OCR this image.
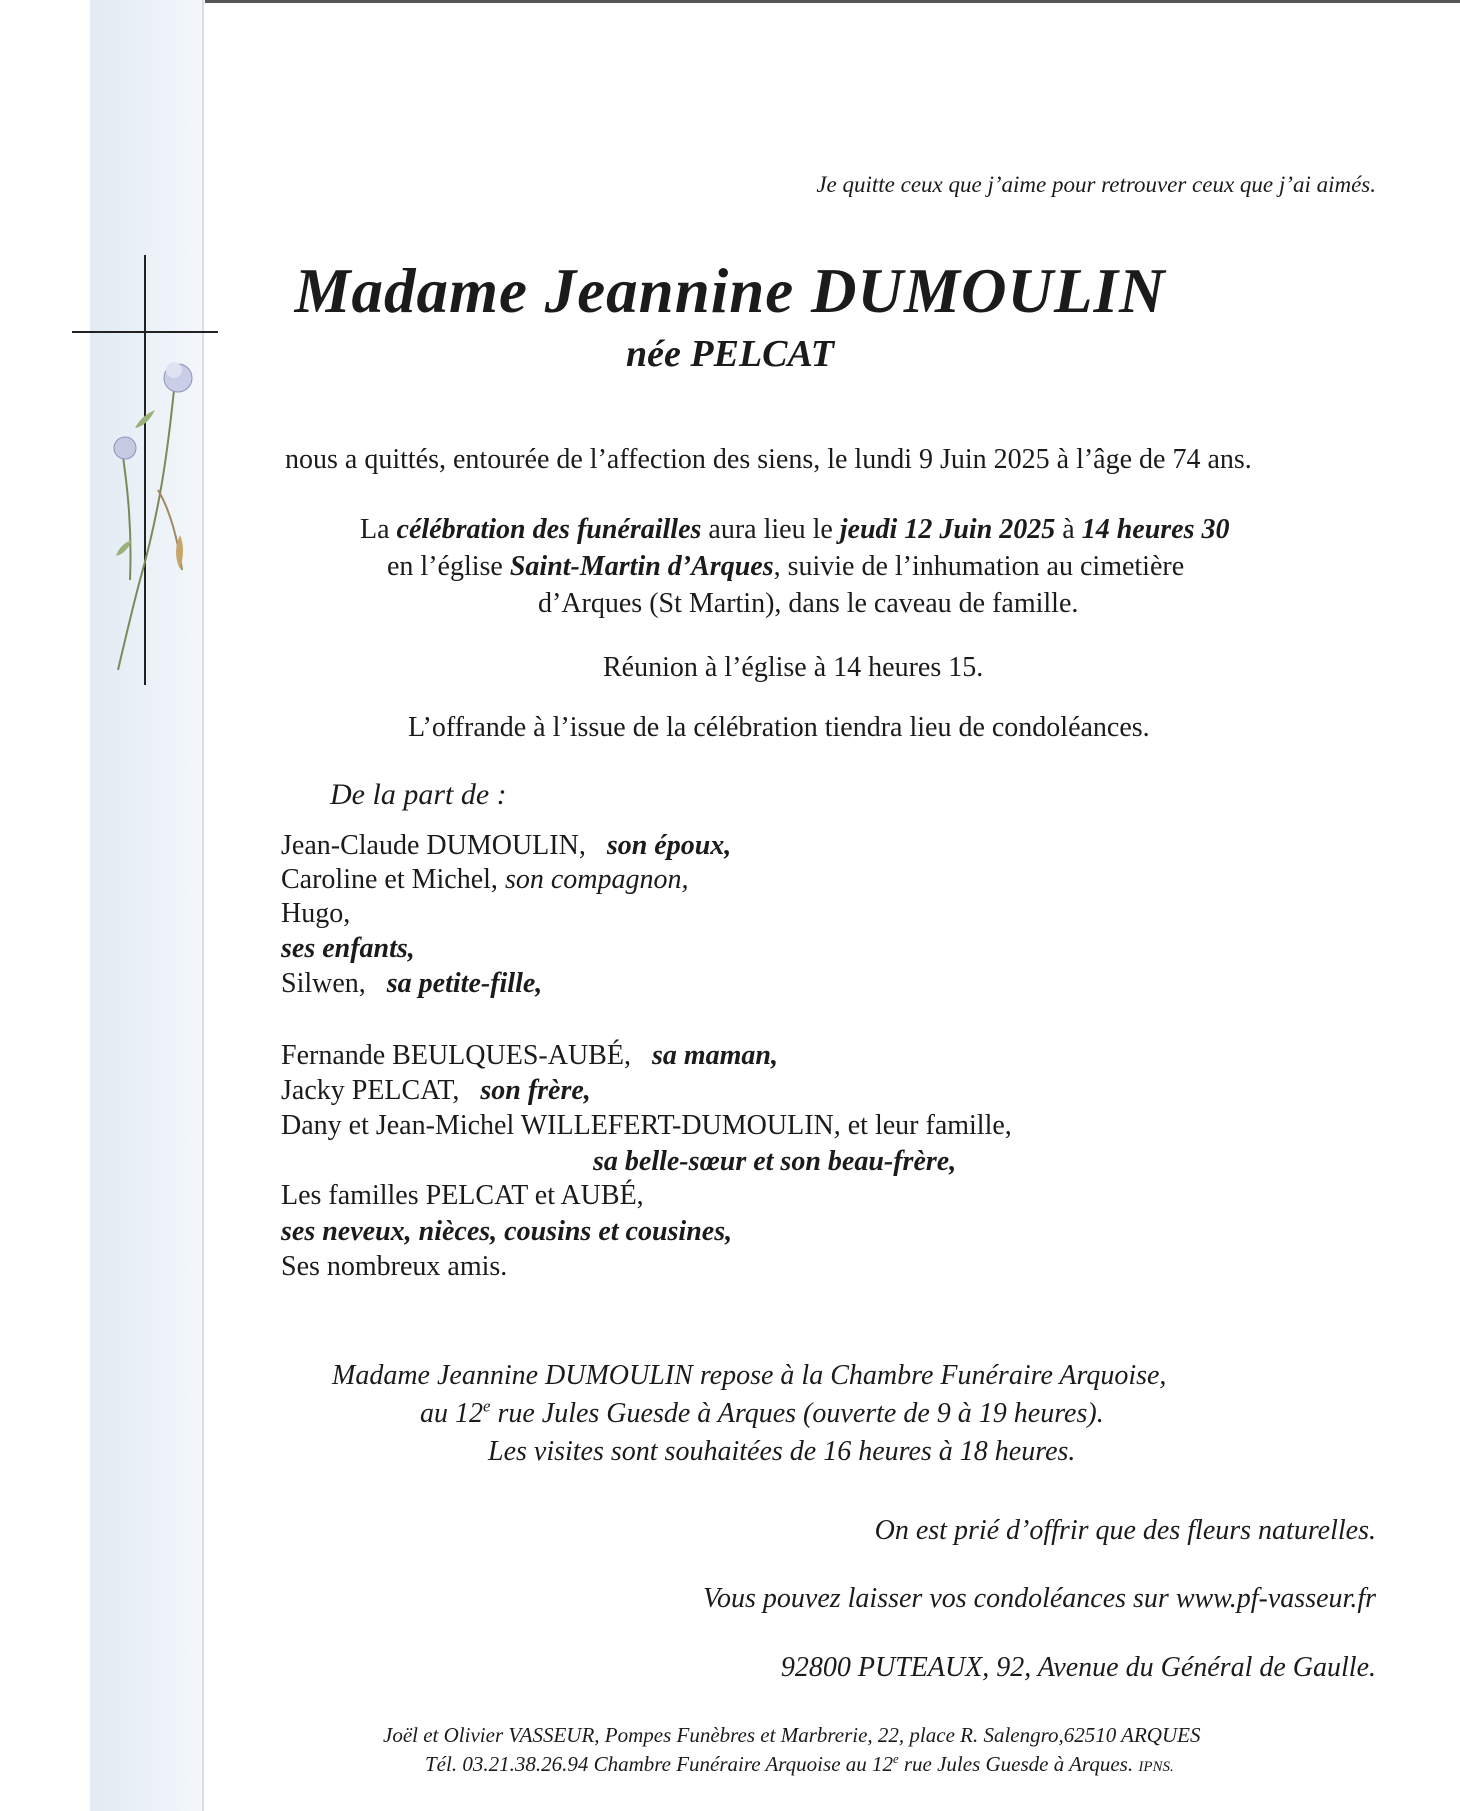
Je quitte ceux que j’aime pour retrouver ceux que j’ai aimés.
Madame Jeannine DUMOULIN
née PELCAT
nous a quittés, entourée de l’affection des siens, le lundi 9 Juin 2025 à l’âge de 74 ans.
La célébration des funérailles aura lieu le jeudi 12 Juin 2025 à 14 heures 30
en l’église Saint-Martin d’Arques, suivie de l’inhumation au cimetière
d’Arques (St Martin), dans le caveau de famille.
Réunion à l’église à 14 heures 15.
L’offrande à l’issue de la célébration tiendra lieu de condoléances.
De la part de :
Jean-Claude DUMOULIN, son époux,
Caroline et Michel, son compagnon,
Hugo,
ses enfants,
Silwen, sa petite-fille,
Fernande BEULQUES-AUBÉ, sa maman,
Jacky PELCAT, son frère,
Dany et Jean-Michel WILLEFERT-DUMOULIN, et leur famille,
sa belle-sœur et son beau-frère,
Les familles PELCAT et AUBÉ,
ses neveux, nièces, cousins et cousines,
Ses nombreux amis.
Madame Jeannine DUMOULIN repose à la Chambre Funéraire Arquoise,
au 12e rue Jules Guesde à Arques (ouverte de 9 à 19 heures).
Les visites sont souhaitées de 16 heures à 18 heures.
On est prié d’offrir que des fleurs naturelles.
Vous pouvez laisser vos condoléances sur www.pf-vasseur.fr
92800 PUTEAUX, 92, Avenue du Général de Gaulle.
Joël et Olivier VASSEUR, Pompes Funèbres et Marbrerie, 22, place R. Salengro,62510 ARQUES
Tél. 03.21.38.26.94 Chambre Funéraire Arquoise au 12e rue Jules Guesde à Arques. IPNS.
